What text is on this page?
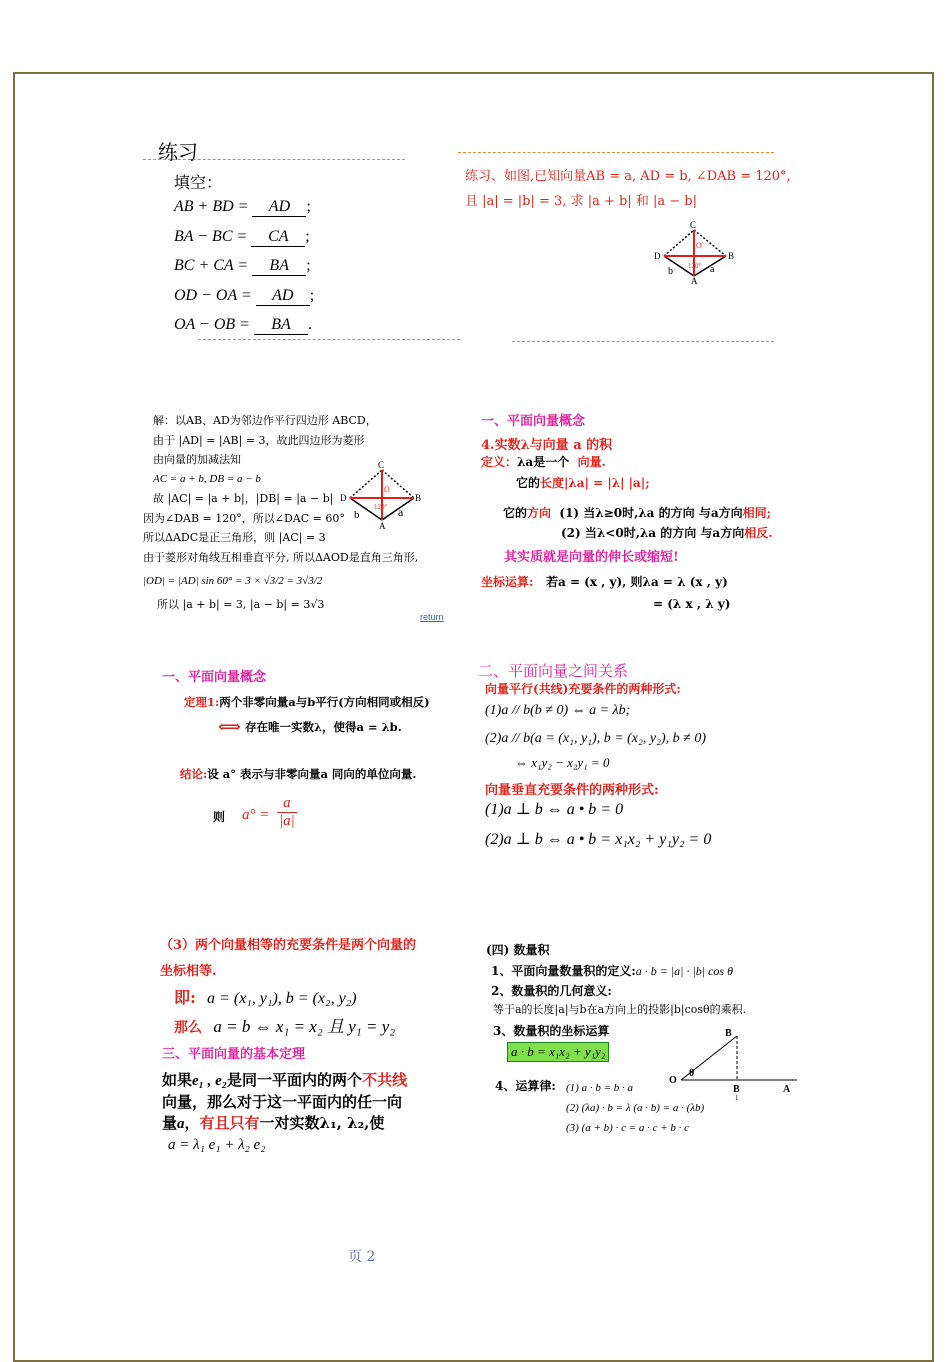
练习
填空：
AB + BD = AD ;
BA − BC = CA ;
BC + CA = BA ;
OD − OA = AD ;
OA − OB = BA .
练习、如图,已知向量AB = a, AD = b, ∠DAB = 120°,
且 |a| = |b| = 3, 求 |a + b| 和 |a − b|
C
D	B
A
O
120°
b	a
解：以AB、AD为邻边作平行四边形 ABCD，
由于 |AD| = |AB| = 3，故此四边形为菱形
由向量的加减法知
AC = a + b, DB = a − b
故 |AC| = |a + b|，|DB| = |a − b|
因为∠DAB = 120°，所以∠DAC = 60°
所以ΔADC是正三角形，则 |AC| = 3
由于菱形对角线互相垂直平分, 所以ΔAOD是直角三角形,
|OD| = |AD| sin 60° = 3 × √3/2 = 3√3/2
所以 |a + b| = 3, |a − b| = 3√3
C
D	B
A
O
120°
b	a
return
一、平面向量概念
4.实数λ与向量 a 的积
定义：λa是一个 向量.
它的长度|λa| = |λ| |a|;
它的方向 (1) 当λ≥0时,λa 的方向 与a方向相同;
(2) 当λ<0时,λa 的方向 与a方向相反.
其实质就是向量的伸长或缩短!
坐标运算: 若a = (x , y), 则λa = λ (x , y)
= (λ x , λ y)
一、平面向量概念
定理1:两个非零向量a与b平行(方向相同或相反)
⟺ 存在唯一实数λ，使得a = λb.
结论:设 a° 表示与非零向量a 同向的单位向量.
则 $a^\circ = \frac{a}{|a|}$
二、平面向量之间关系
向量平行(共线)充要条件的两种形式:
(1)a // b(b ≠ 0) ⇔ a = λb;
(2)a // b(a = (x₁, y₁), b = (x₂, y₂), b ≠ 0)
⇔ x₁y₂ − x₂y₁ = 0
向量垂直充要条件的两种形式:
(1)a ⊥ b ⇔ a • b = 0
(2)a ⊥ b ⇔ a • b = x₁x₂ + y₁y₂ = 0
（3）两个向量相等的充要条件是两个向量的
坐标相等.
即: a = (x₁, y₁), b = (x₂, y₂)
那么 a = b ⇔ x₁ = x₂ 且 y₁ = y₂
三、平面向量的基本定理
如果e₁ , e₂是同一平面内的两个不共线
向量，那么对于这一平面内的任一向
量a，有且只有一对实数λ₁, λ₂,使
a = λ₁ e₁ + λ₂ e₂
(四) 数量积
1、平面向量数量积的定义:a · b = |a| · |b| cos θ
2、数量积的几何意义:
等于a的长度|a|与b在a方向上的投影|b|cosθ的乘积.
3、数量积的坐标运算
a · b = x₁x₂ + y₁y₂
4、运算律: (1) a · b = b · a
(2) (λa) · b = λ (a · b) = a · (λb)
(3) (a + b) · c = a · c + b · c
B
O
θ
B	A
1
页 2
